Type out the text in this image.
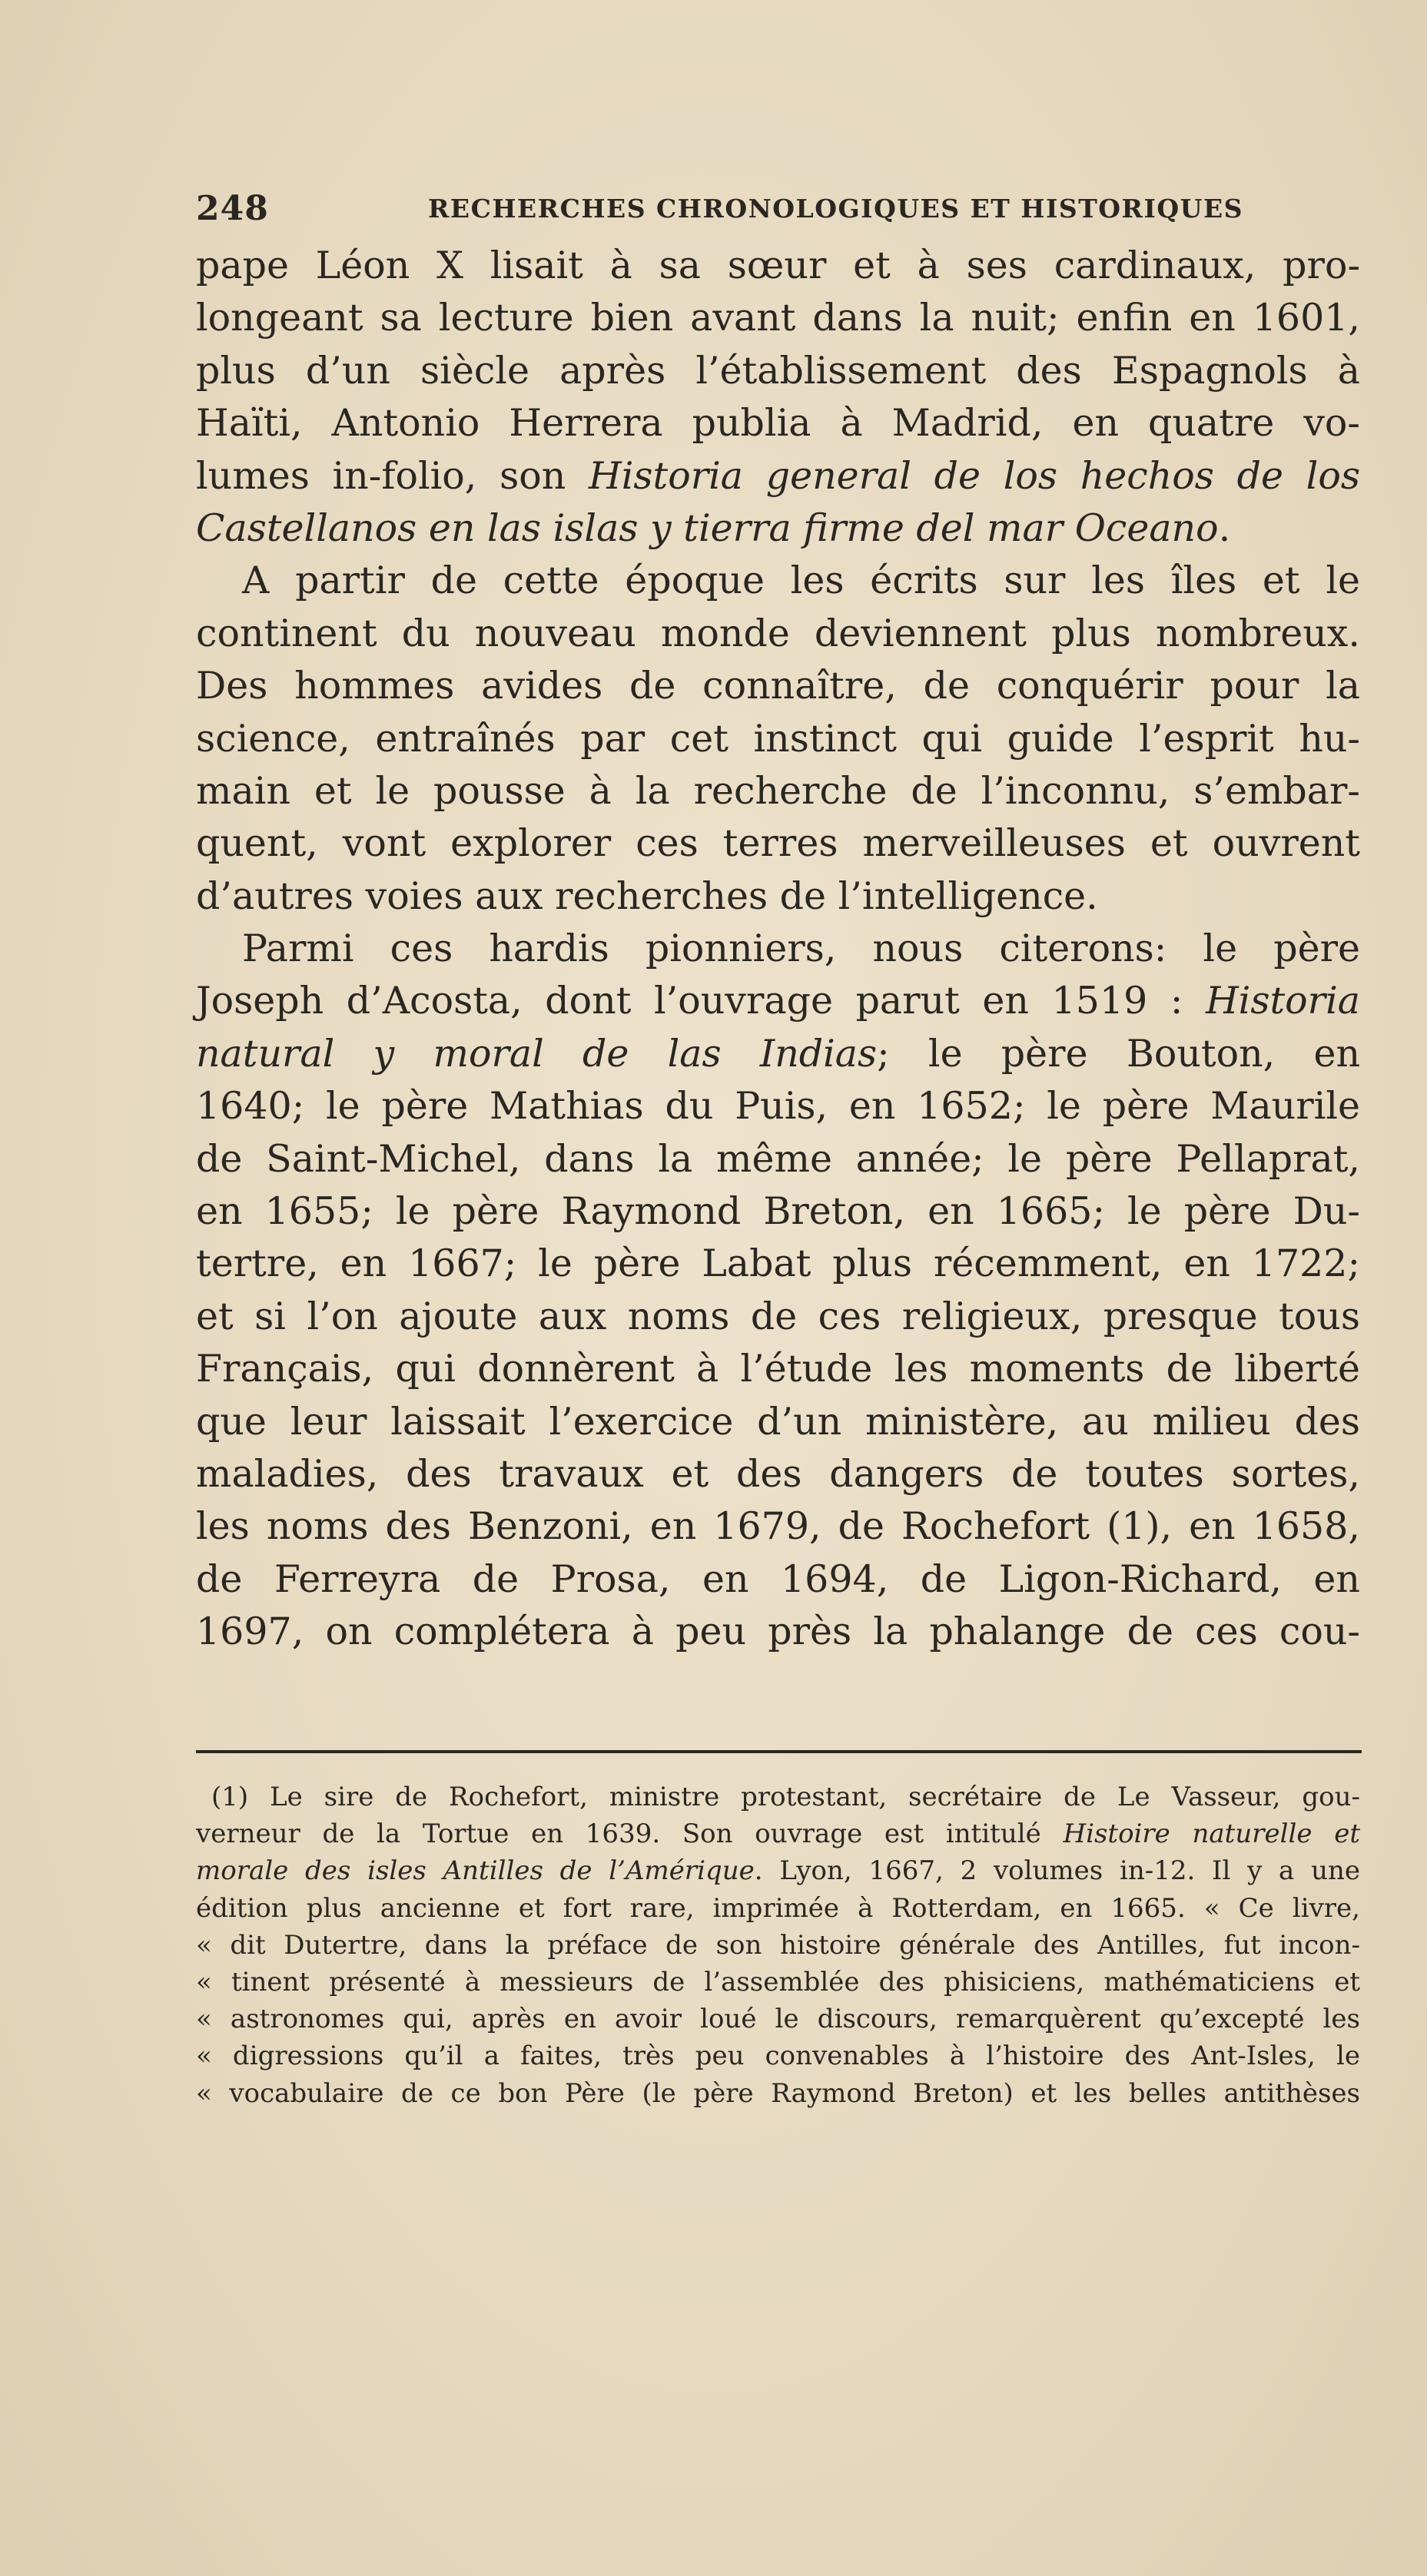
248	RECHERCHES CHRONOLOGIQUES ET HISTORIQUES
pape Léon X lisait à sa sœur et à ses cardinaux, pro-
longeant sa lecture bien avant dans la nuit; enfin en 1601,
plus d’un siècle après l’établissement des Espagnols à
Haïti, Antonio Herrera publia à Madrid, en quatre vo-
lumes in-folio, son Historia general de los hechos de los
Castellanos en las islas y tierra firme del mar Oceano.
A partir de cette époque les écrits sur les îles et le
continent du nouveau monde deviennent plus nombreux.
Des hommes avides de connaître, de conquérir pour la
science, entraînés par cet instinct qui guide l’esprit hu-
main et le pousse à la recherche de l’inconnu, s’embar-
quent, vont explorer ces terres merveilleuses et ouvrent
d’autres voies aux recherches de l’intelligence.
Parmi ces hardis pionniers, nous citerons: le père
Joseph d’Acosta, dont l’ouvrage parut en 1519 : Historia
natural y moral de las Indias; le père Bouton, en
1640; le père Mathias du Puis, en 1652; le père Maurile
de Saint-Michel, dans la même année; le père Pellaprat,
en 1655; le père Raymond Breton, en 1665; le père Du-
tertre, en 1667; le père Labat plus récemment, en 1722;
et si l’on ajoute aux noms de ces religieux, presque tous
Français, qui donnèrent à l’étude les moments de liberté
que leur laissait l’exercice d’un ministère, au milieu des
maladies, des travaux et des dangers de toutes sortes,
les noms des Benzoni, en 1679, de Rochefort (1), en 1658,
de Ferreyra de Prosa, en 1694, de Ligon-Richard, en
1697, on complétera à peu près la phalange de ces cou-
(1) Le sire de Rochefort, ministre protestant, secrétaire de Le Vasseur, gou-
verneur de la Tortue en 1639. Son ouvrage est intitulé Histoire naturelle et
morale des isles Antilles de l’Amérique. Lyon, 1667, 2 volumes in-12. Il y a une
édition plus ancienne et fort rare, imprimée à Rotterdam, en 1665. « Ce livre,
« dit Dutertre, dans la préface de son histoire générale des Antilles, fut incon-
« tinent présenté à messieurs de l’assemblée des phisiciens, mathématiciens et
« astronomes qui, après en avoir loué le discours, remarquèrent qu’excepté les
« digressions qu’il a faites, très peu convenables à l’histoire des Ant-Isles, le
« vocabulaire de ce bon Père (le père Raymond Breton) et les belles antithèses
